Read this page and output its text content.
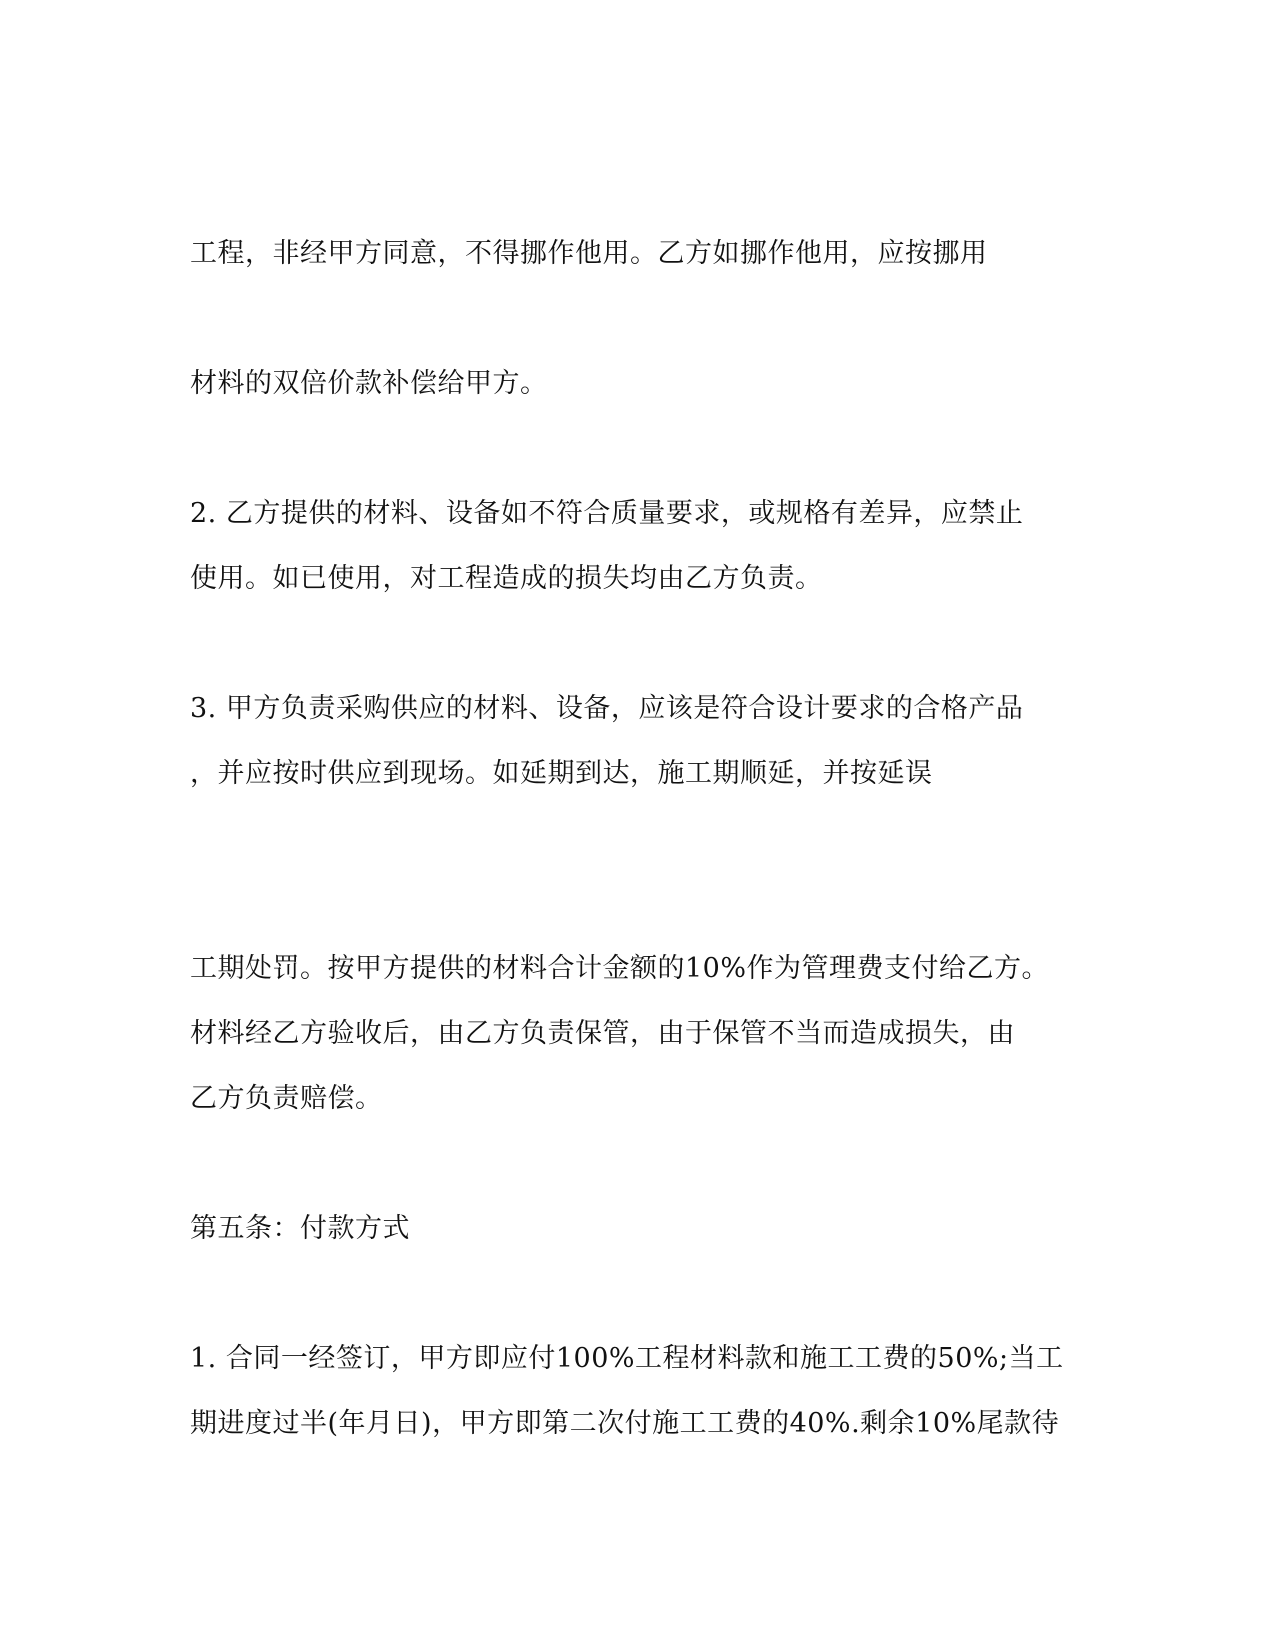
工程，非经甲方同意，不得挪作他用。乙方如挪作他用，应按挪用
材料的双倍价款补偿给甲方。
2. 乙方提供的材料、设备如不符合质量要求，或规格有差异，应禁止
使用。如已使用，对工程造成的损失均由乙方负责。
3. 甲方负责采购供应的材料、设备，应该是符合设计要求的合格产品
，并应按时供应到现场。如延期到达，施工期顺延，并按延误
工期处罚。按甲方提供的材料合计金额的10%作为管理费支付给乙方。
材料经乙方验收后，由乙方负责保管，由于保管不当而造成损失，由
乙方负责赔偿。
第五条：付款方式
1. 合同一经签订，甲方即应付100%工程材料款和施工工费的50%;当工
期进度过半(年月日)，甲方即第二次付施工工费的40%.剩余10%尾款待
